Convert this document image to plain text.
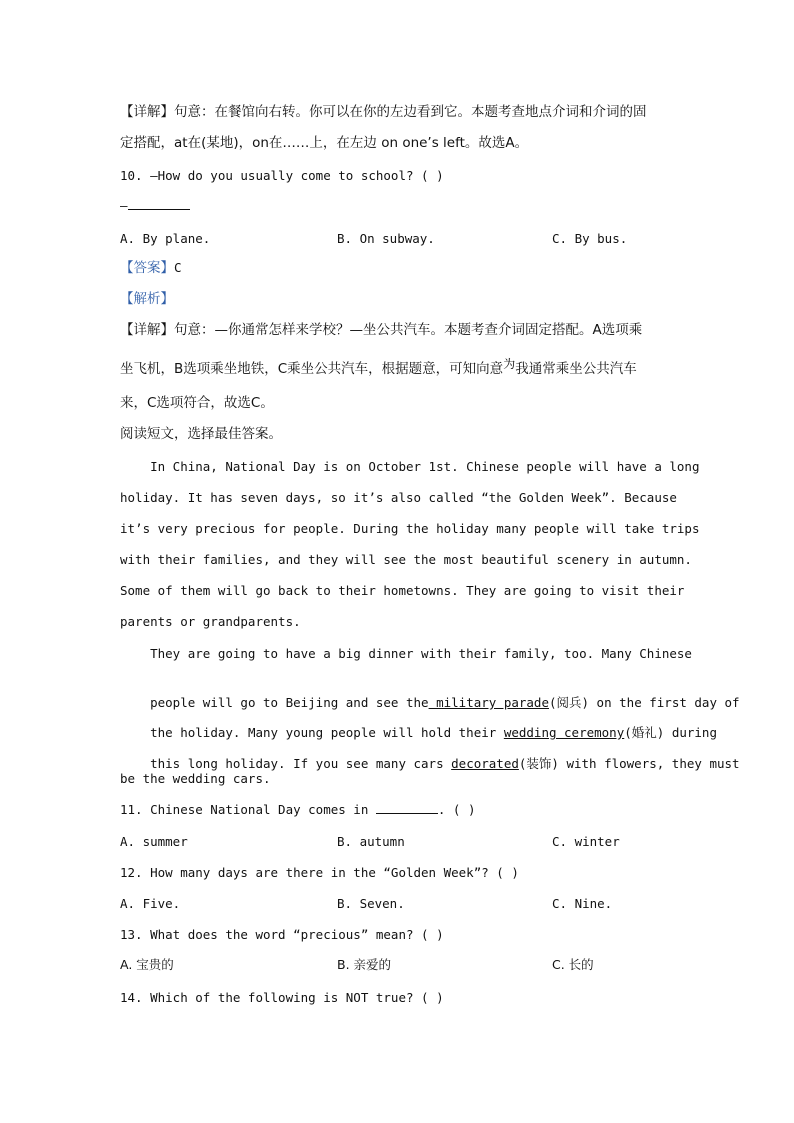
【详解】句意：在餐馆向右转。你可以在你的左边看到它。本题考查地点介词和介词的固
定搭配，at在(某地)，on在……上，在左边 on one’s left。故选A。
10. —How do you usually come to school? ( )
—
A. By plane.	B. On subway.	C. By bus.
【答案】C
【解析】
【详解】句意：—你通常怎样来学校？—坐公共汽车。本题考查介词固定搭配。A选项乘
坐飞机，B选项乘坐地铁，C乘坐公共汽车，根据题意，可知向意为我通常乘坐公共汽车
来，C选项符合，故选C。
阅读短文，选择最佳答案。
In China, National Day is on October 1st. Chinese people will have a long
holiday. It has seven days, so it’s also called “the Golden Week”. Because
it’s very precious for people. During the holiday many people will take trips
with their families, and they will see the most beautiful scenery in autumn.
Some of them will go back to their hometowns. They are going to visit their
parents or grandparents.
They are going to have a big dinner with their family, too. Many Chinese

people will go to Beijing and see the military parade(阅兵) on the first day of

the holiday. Many young people will hold their wedding ceremony(婚礼) during

this long holiday. If you see many cars decorated(装饰) with flowers, they must

be the wedding cars.
11. Chinese National Day comes in	. ( )
A. summer	B. autumn	C. winter
12. How many days are there in the “Golden Week”? ( )
A. Five.	B. Seven.	C. Nine.
13. What does the word “precious” mean? ( )
A. 宝贵的	B. 亲爱的	C. 长的
14. Which of the following is NOT true? ( )
